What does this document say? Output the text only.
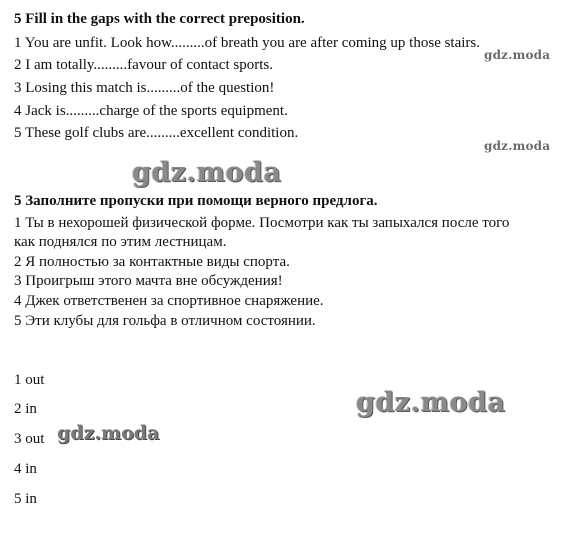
5 Fill in the gaps with the correct preposition.
1 You are unfit. Look how.........of breath you are after coming up those stairs.
2 I am totally.........favour of contact sports.
3 Losing this match is.........of the question!
4 Jack is.........charge of the sports equipment.
5 These golf clubs are.........excellent condition.
5 Заполните пропуски при помощи верного предлога.
1 Ты в нехорошей физической форме. Посмотри как ты запыхался после того
как поднялся по этим лестницам.
2 Я полностью за контактные виды спорта.
3 Проигрыш этого мачта вне обсуждения!
4 Джек ответственен за спортивное снаряжение.
5 Эти клубы для гольфа в отличном состоянии.
1 out
2 in
3 out
4 in
5 in
gdz.moda
gdz.moda
gdz.moda
gdz.moda
gdz.moda
